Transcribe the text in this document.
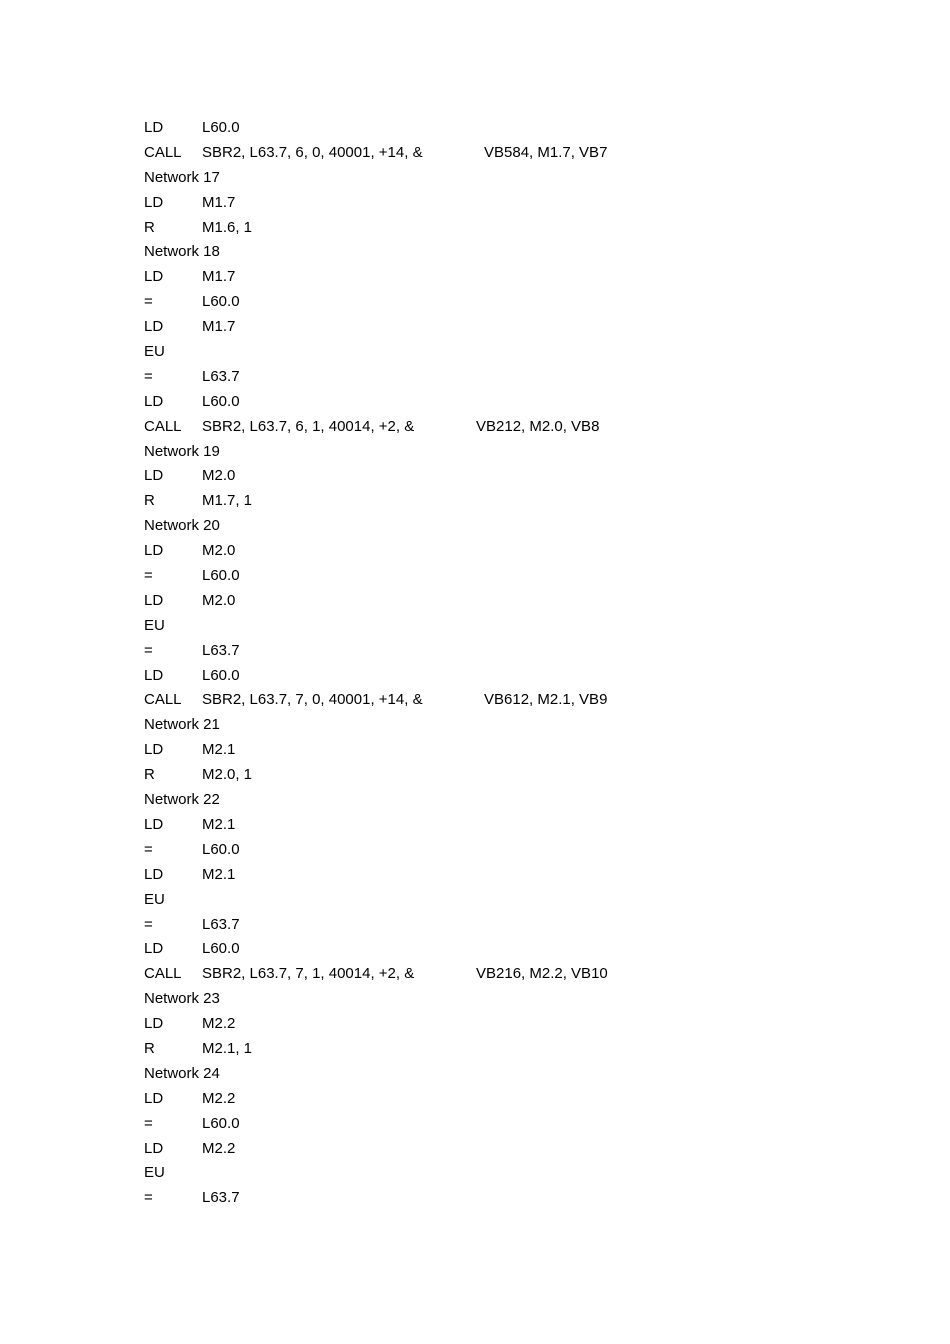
LD	L60.0
CALL SBR2, L63.7, 6, 0, 40001, +14, &	VB584, M1.7, VB7
Network 17
LD	M1.7
R	M1.6, 1
Network 18
LD	M1.7
=	L60.0
LD	M1.7
EU
=	L63.7
LD	L60.0
CALL SBR2, L63.7, 6, 1, 40014, +2, &	VB212, M2.0, VB8
Network 19
LD	M2.0
R	M1.7, 1
Network 20
LD	M2.0
=	L60.0
LD	M2.0
EU
=	L63.7
LD	L60.0
CALL SBR2, L63.7, 7, 0, 40001, +14, &	VB612, M2.1, VB9
Network 21
LD	M2.1
R	M2.0, 1
Network 22
LD	M2.1
=	L60.0
LD	M2.1
EU
=	L63.7
LD	L60.0
CALL SBR2, L63.7, 7, 1, 40014, +2, &	VB216, M2.2, VB10
Network 23
LD	M2.2
R	M2.1, 1
Network 24
LD	M2.2
=	L60.0
LD	M2.2
EU
=	L63.7
